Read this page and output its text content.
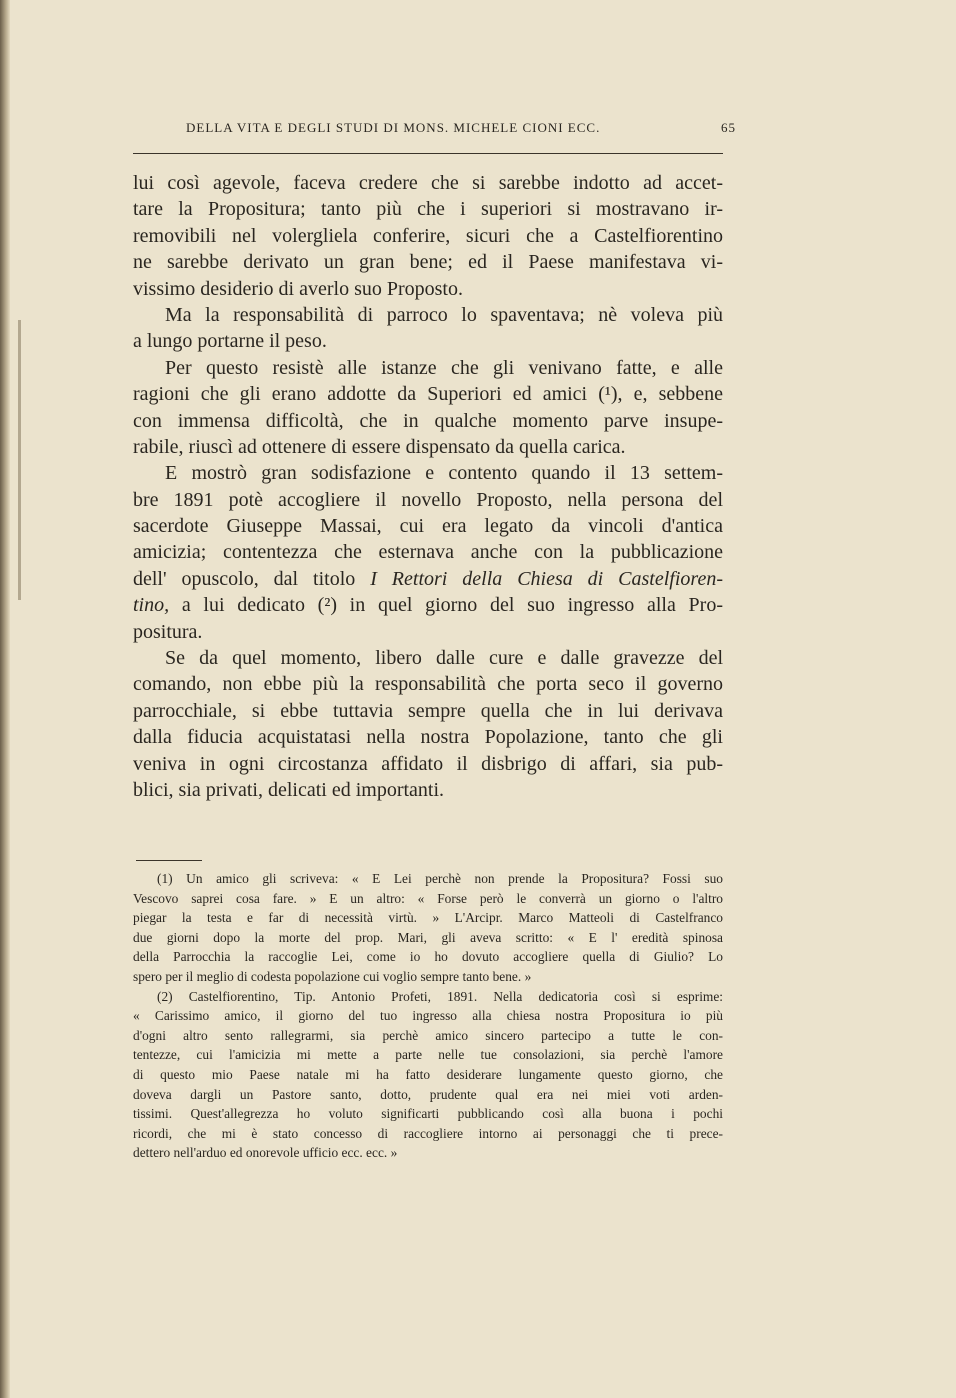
DELLA VITA E DEGLI STUDI DI MONS. MICHELE CIONI ECC.	65
lui così agevole, faceva credere che si sarebbe indotto ad accet-
tare la Propositura; tanto più che i superiori si mostravano ir-
removibili nel volergliela conferire, sicuri che a Castelfiorentino
ne sarebbe derivato un gran bene; ed il Paese manifestava vi-
vissimo desiderio di averlo suo Proposto.
Ma la responsabilità di parroco lo spaventava; nè voleva più
a lungo portarne il peso.
Per questo resistè alle istanze che gli venivano fatte, e alle
ragioni che gli erano addotte da Superiori ed amici (¹), e, sebbene
con immensa difficoltà, che in qualche momento parve insupe-
rabile, riuscì ad ottenere di essere dispensato da quella carica.
E mostrò gran sodisfazione e contento quando il 13 settem-
bre 1891 potè accogliere il novello Proposto, nella persona del
sacerdote Giuseppe Massai, cui era legato da vincoli d'antica
amicizia; contentezza che esternava anche con la pubblicazione
dell' opuscolo, dal titolo I Rettori della Chiesa di Castelfioren-
tino, a lui dedicato (²) in quel giorno del suo ingresso alla Pro-
positura.
Se da quel momento, libero dalle cure e dalle gravezze del
comando, non ebbe più la responsabilità che porta seco il governo
parrocchiale, si ebbe tuttavia sempre quella che in lui derivava
dalla fiducia acquistatasi nella nostra Popolazione, tanto che gli
veniva in ogni circostanza affidato il disbrigo di affari, sia pub-
blici, sia privati, delicati ed importanti.
(1) Un amico gli scriveva: « E Lei perchè non prende la Propositura? Fossi suo
Vescovo saprei cosa fare. » E un altro: « Forse però le converrà un giorno o l'altro
piegar la testa e far di necessità virtù. » L'Arcipr. Marco Matteoli di Castelfranco
due giorni dopo la morte del prop. Mari, gli aveva scritto: « E l' eredità spinosa
della Parrocchia la raccoglie Lei, come io ho dovuto accogliere quella di Giulio? Lo
spero per il meglio di codesta popolazione cui voglio sempre tanto bene. »
(2) Castelfiorentino, Tip. Antonio Profeti, 1891. Nella dedicatoria così si esprime:
« Carissimo amico, il giorno del tuo ingresso alla chiesa nostra Propositura io più
d'ogni altro sento rallegrarmi, sia perchè amico sincero partecipo a tutte le con-
tentezze, cui l'amicizia mi mette a parte nelle tue consolazioni, sia perchè l'amore
di questo mio Paese natale mi ha fatto desiderare lungamente questo giorno, che
doveva dargli un Pastore santo, dotto, prudente qual era nei miei voti arden-
tissimi. Quest'allegrezza ho voluto significarti pubblicando così alla buona i pochi
ricordi, che mi è stato concesso di raccogliere intorno ai personaggi che ti prece-
dettero nell'arduo ed onorevole ufficio ecc. ecc. »
